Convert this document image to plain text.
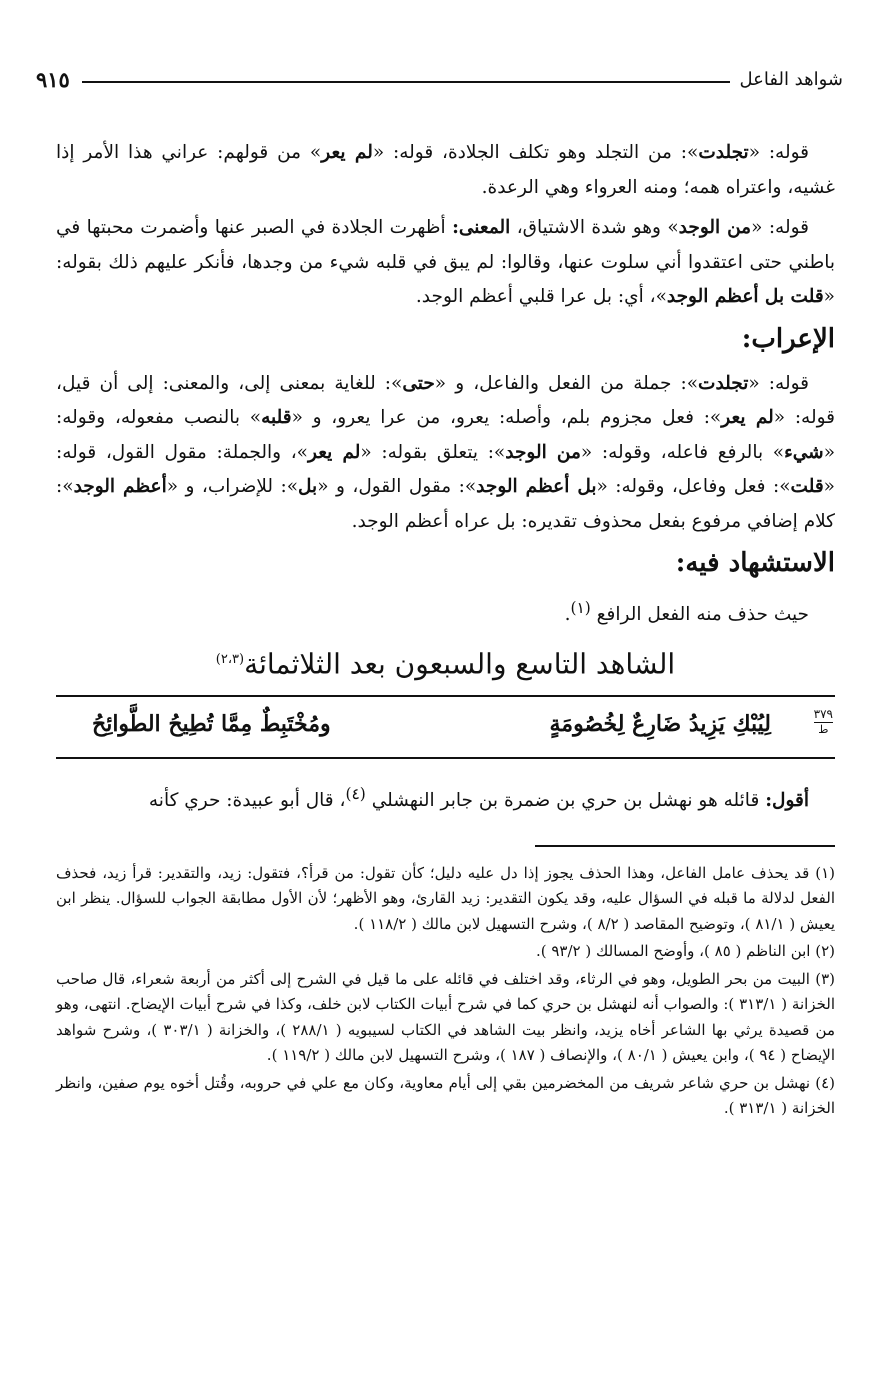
شواهد الفاعل
٩١٥

قوله: «تجلدت»: من التجلد وهو تكلف الجلادة، قوله: «لم يعر» من قولهم: عراني هذا الأمر إذا غشيه، واعتراه همه؛ ومنه العرواء وهي الرعدة.

قوله: «من الوجد» وهو شدة الاشتياق، المعنى: أظهرت الجلادة في الصبر عنها وأضمرت محبتها في باطني حتى اعتقدوا أني سلوت عنها، وقالوا: لم يبق في قلبه شيء من وجدها، فأنكر عليهم ذلك بقوله: «قلت بل أعظم الوجد»، أي: بل عرا قلبي أعظم الوجد.

الإعراب:

قوله: «تجلدت»: جملة من الفعل والفاعل، و «حتى»: للغاية بمعنى إلى، والمعنى: إلى أن قيل، قوله: «لم يعر»: فعل مجزوم بلم، وأصله: يعرو، من عرا يعرو، و «قلبه» بالنصب مفعوله، وقوله: «شيء» بالرفع فاعله، وقوله: «من الوجد»: يتعلق بقوله: «لم يعر»، والجملة: مقول القول، قوله: «قلت»: فعل وفاعل، وقوله: «بل أعظم الوجد»: مقول القول، و «بل»: للإضراب، و «أعظم الوجد»: كلام إضافي مرفوع بفعل محذوف تقديره: بل عراه أعظم الوجد.

الاستشهاد فيه:

حيث حذف منه الفعل الرافع $^{(١)}$.

الشاهد التاسع والسبعون بعد الثلاثمائة$^{(٢،٣)}$
٣٧٩
ط
لِيُبْكِ يَزِيدُ ضَارِعٌ لِخُصُومَةٍ
ومُخْتَبِطٌ مِمَّا تُطِيحُ الطَّوائِحُ

أقول: قائله هو نهشل بن حري بن ضمرة بن جابر النهشلي $^{(٤)}$، قال أبو عبيدة: حري كأنه

(١) قد يحذف عامل الفاعل، وهذا الحذف يجوز إذا دل عليه دليل؛ كأن تقول: من قرأ؟، فتقول: زيد، والتقدير: قرأ زيد، فحذف الفعل لدلالة ما قبله في السؤال عليه، وقد يكون التقدير: زيد القارئ، وهو الأظهر؛ لأن الأول مطابقة الجواب للسؤال. ينظر ابن يعيش ( ٨١/١ )، وتوضيح المقاصد ( ٨/٢ )، وشرح التسهيل لابن مالك ( ١١٨/٢ ).

(٢) ابن الناظم ( ٨٥ )، وأوضح المسالك ( ٩٣/٢ ).

(٣) البيت من بحر الطويل، وهو في الرثاء، وقد اختلف في قائله على ما قيل في الشرح إلى أكثر من أربعة شعراء، قال صاحب الخزانة ( ٣١٣/١ ): والصواب أنه لنهشل بن حري كما في شرح أبيات الكتاب لابن خلف، وكذا في شرح أبيات الإيضاح. انتهى، وهو من قصيدة يرثي بها الشاعر أخاه يزيد، وانظر بيت الشاهد في الكتاب لسيبويه ( ٢٨٨/١ )، والخزانة ( ٣٠٣/١ )، وشرح شواهد الإيضاح ( ٩٤ )، وابن يعيش ( ٨٠/١ )، والإنصاف ( ١٨٧ )، وشرح التسهيل لابن مالك ( ١١٩/٢ ).

(٤) نهشل بن حري شاعر شريف من المخضرمين بقي إلى أيام معاوية، وكان مع علي في حروبه، وقُتل أخوه يوم صفين، وانظر الخزانة ( ٣١٣/١ ).
